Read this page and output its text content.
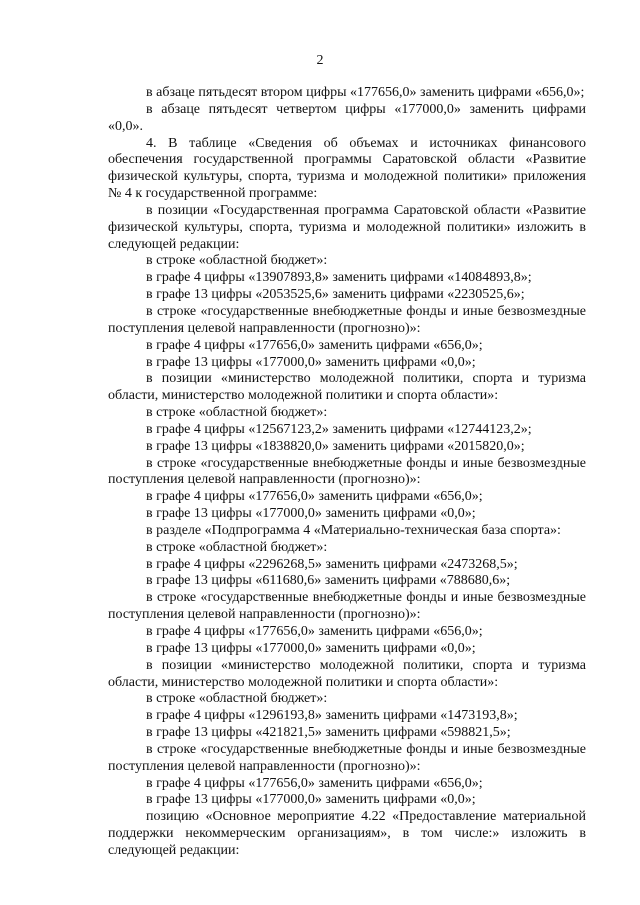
2

в абзаце пятьдесят втором цифры «177656,0» заменить цифрами «656,0»;

в абзаце пятьдесят четвертом цифры «177000,0» заменить цифрами «0,0».

4. В таблице «Сведения об объемах и источниках финансового обеспечения государственной программы Саратовской области «Развитие физической культуры, спорта, туризма и молодежной политики» приложения № 4 к государственной программе:

в позиции «Государственная программа Саратовской области «Развитие физической культуры, спорта, туризма и молодежной политики» изложить в следующей редакции:

в строке «областной бюджет»:

в графе 4 цифры «13907893,8» заменить цифрами «14084893,8»;

в графе 13 цифры «2053525,6» заменить цифрами «2230525,6»;

в строке «государственные внебюджетные фонды и иные безвозмездные поступления целевой направленности (прогнозно)»:

в графе 4 цифры «177656,0» заменить цифрами «656,0»;

в графе 13 цифры «177000,0» заменить цифрами «0,0»;

в позиции «министерство молодежной политики, спорта и туризма области, министерство молодежной политики и спорта области»:

в строке «областной бюджет»:

в графе 4 цифры «12567123,2» заменить цифрами «12744123,2»;

в графе 13 цифры «1838820,0» заменить цифрами «2015820,0»;

в строке «государственные внебюджетные фонды и иные безвозмездные поступления целевой направленности (прогнозно)»:

в графе 4 цифры «177656,0» заменить цифрами «656,0»;

в графе 13 цифры «177000,0» заменить цифрами «0,0»;

в разделе «Подпрограмма 4 «Материально-техническая база спорта»:

в строке «областной бюджет»:

в графе 4 цифры «2296268,5» заменить цифрами «2473268,5»;

в графе 13 цифры «611680,6» заменить цифрами «788680,6»;

в строке «государственные внебюджетные фонды и иные безвозмездные поступления целевой направленности (прогнозно)»:

в графе 4 цифры «177656,0» заменить цифрами «656,0»;

в графе 13 цифры «177000,0» заменить цифрами «0,0»;

в позиции «министерство молодежной политики, спорта и туризма области, министерство молодежной политики и спорта области»:

в строке «областной бюджет»:

в графе 4 цифры «1296193,8» заменить цифрами «1473193,8»;

в графе 13 цифры «421821,5» заменить цифрами «598821,5»;

в строке «государственные внебюджетные фонды и иные безвозмездные поступления целевой направленности (прогнозно)»:

в графе 4 цифры «177656,0» заменить цифрами «656,0»;

в графе 13 цифры «177000,0» заменить цифрами «0,0»;

позицию «Основное мероприятие 4.22 «Предоставление материальной поддержки некоммерческим организациям», в том числе:» изложить в следующей редакции:
